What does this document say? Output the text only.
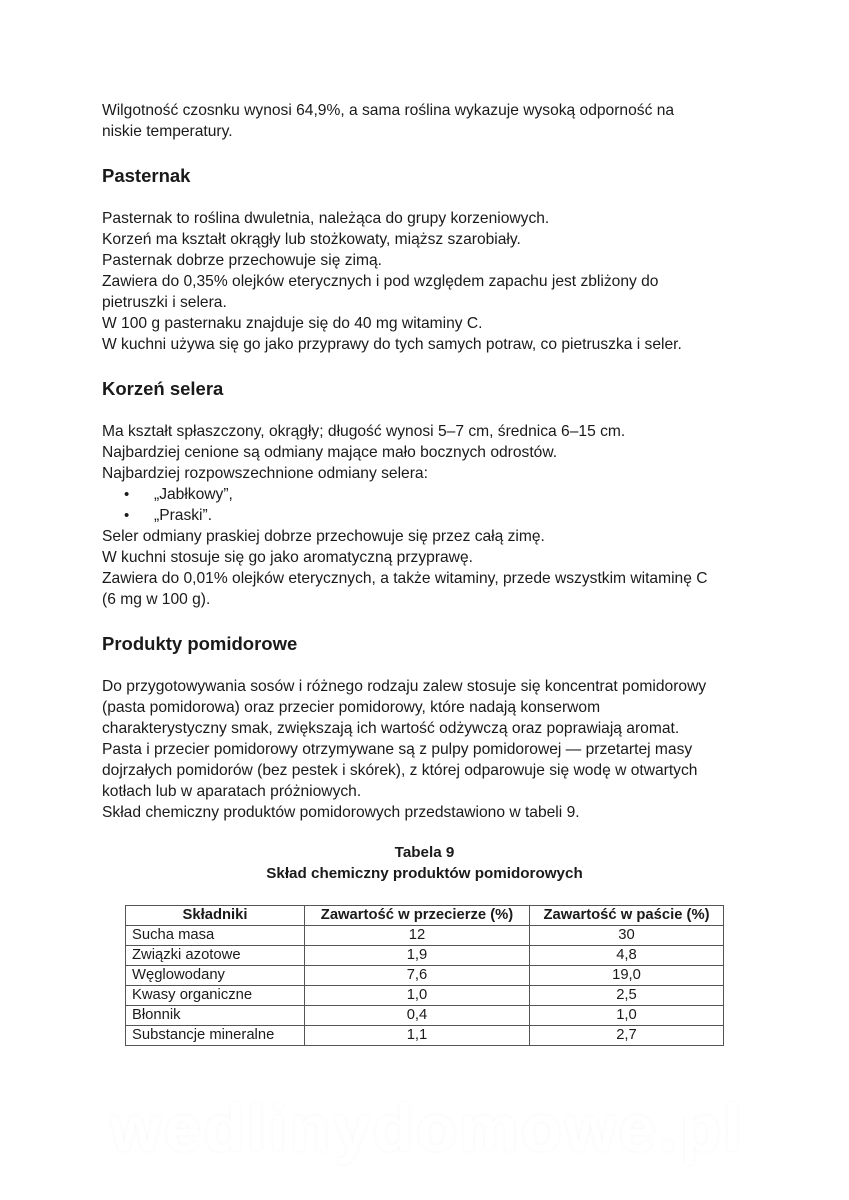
Wilgotność czosnku wynosi 64,9%, a sama roślina wykazuje wysoką odporność na

niskie temperatury.

Pasternak

Pasternak to roślina dwuletnia, należąca do grupy korzeniowych.

Korzeń ma kształt okrągły lub stożkowaty, miąższ szarobiały.

Pasternak dobrze przechowuje się zimą.

Zawiera do 0,35% olejków eterycznych i pod względem zapachu jest zbliżony do

pietruszki i selera.

W 100 g pasternaku znajduje się do 40 mg witaminy C.

W kuchni używa się go jako przyprawy do tych samych potraw, co pietruszka i seler.

Korzeń selera

Ma kształt spłaszczony, okrągły; długość wynosi 5–7 cm, średnica 6–15 cm.

Najbardziej cenione są odmiany mające mało bocznych odrostów.

Najbardziej rozpowszechnione odmiany selera:

• „Jabłkowy”,
• „Praski”.

Seler odmiany praskiej dobrze przechowuje się przez całą zimę.

W kuchni stosuje się go jako aromatyczną przyprawę.

Zawiera do 0,01% olejków eterycznych, a także witaminy, przede wszystkim witaminę C

(6 mg w 100 g).

Produkty pomidorowe

Do przygotowywania sosów i różnego rodzaju zalew stosuje się koncentrat pomidorowy

(pasta pomidorowa) oraz przecier pomidorowy, które nadają konserwom

charakterystyczny smak, zwiększają ich wartość odżywczą oraz poprawiają aromat.

Pasta i przecier pomidorowy otrzymywane są z pulpy pomidorowej — przetartej masy

dojrzałych pomidorów (bez pestek i skórek), z której odparowuje się wodę w otwartych

kotłach lub w aparatach próżniowych.

Skład chemiczny produktów pomidorowych przedstawiono w tabeli 9.

Tabela 9

Skład chemiczny produktów pomidorowych

Składniki	Zawartość w przecierze (%)	Zawartość w paście (%)
Sucha masa	12	30
Związki azotowe	1,9	4,8
Węglowodany	7,6	19,0
Kwasy organiczne	1,0	2,5
Błonnik	0,4	1,0
Substancje mineralne	1,1	2,7
wedlinydomowe.pl
